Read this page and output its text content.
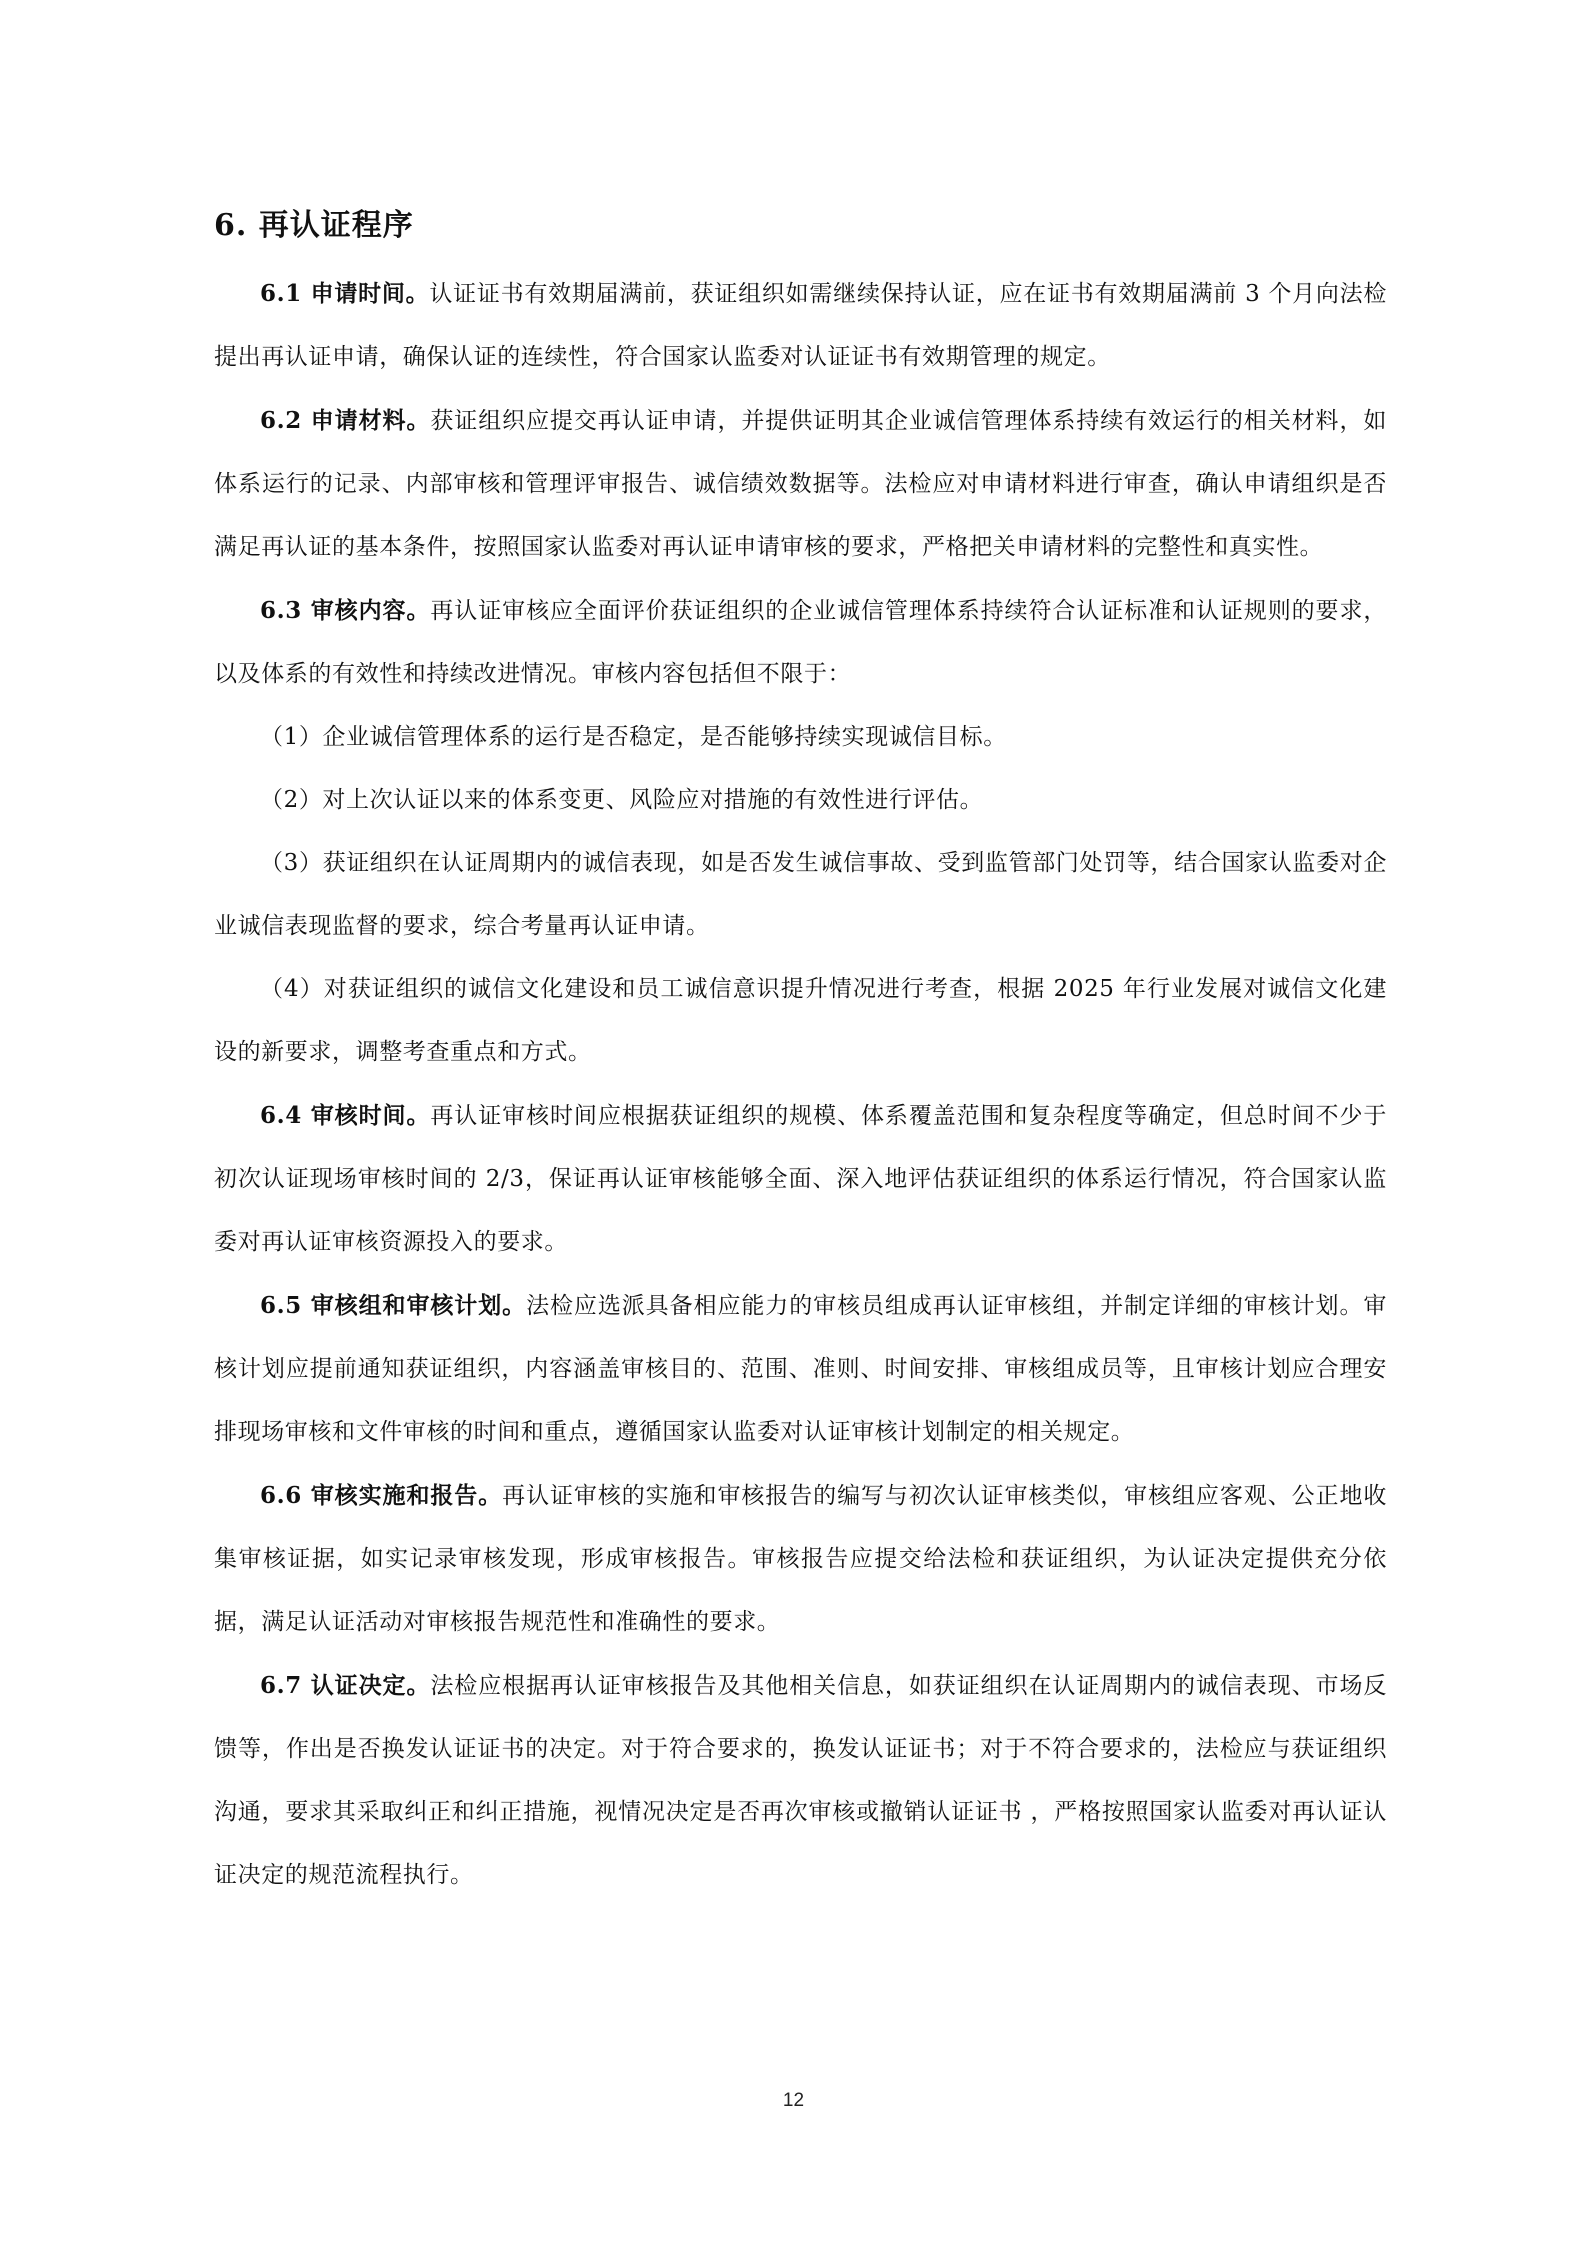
6. 再认证程序

6.1 申请时间。认证证书有效期届满前，获证组织如需继续保持认证，应在证书有效期届满前 3 个月向法检提出再认证申请，确保认证的连续性，符合国家认监委对认证证书有效期管理的规定。

6.2 申请材料。获证组织应提交再认证申请，并提供证明其企业诚信管理体系持续有效运行的相关材料，如体系运行的记录、内部审核和管理评审报告、诚信绩效数据等。法检应对申请材料进行审查，确认申请组织是否满足再认证的基本条件，按照国家认监委对再认证申请审核的要求，严格把关申请材料的完整性和真实性。

6.3 审核内容。再认证审核应全面评价获证组织的企业诚信管理体系持续符合认证标准和认证规则的要求，以及体系的有效性和持续改进情况。审核内容包括但不限于：

（1）企业诚信管理体系的运行是否稳定，是否能够持续实现诚信目标。

（2）对上次认证以来的体系变更、风险应对措施的有效性进行评估。

（3）获证组织在认证周期内的诚信表现，如是否发生诚信事故、受到监管部门处罚等，结合国家认监委对企业诚信表现监督的要求，综合考量再认证申请。

（4）对获证组织的诚信文化建设和员工诚信意识提升情况进行考查，根据 2025 年行业发展对诚信文化建设的新要求，调整考查重点和方式。

6.4 审核时间。再认证审核时间应根据获证组织的规模、体系覆盖范围和复杂程度等确定，但总时间不少于初次认证现场审核时间的 2/3，保证再认证审核能够全面、深入地评估获证组织的体系运行情况，符合国家认监委对再认证审核资源投入的要求。

6.5 审核组和审核计划。法检应选派具备相应能力的审核员组成再认证审核组，并制定详细的审核计划。审核计划应提前通知获证组织，内容涵盖审核目的、范围、准则、时间安排、审核组成员等，且审核计划应合理安排现场审核和文件审核的时间和重点，遵循国家认监委对认证审核计划制定的相关规定。

6.6 审核实施和报告。再认证审核的实施和审核报告的编写与初次认证审核类似，审核组应客观、公正地收集审核证据，如实记录审核发现，形成审核报告。审核报告应提交给法检和获证组织，为认证决定提供充分依据，满足认证活动对审核报告规范性和准确性的要求。

6.7 认证决定。法检应根据再认证审核报告及其他相关信息，如获证组织在认证周期内的诚信表现、市场反馈等，作出是否换发认证证书的决定。对于符合要求的，换发认证证书；对于不符合要求的，法检应与获证组织沟通，要求其采取纠正和纠正措施，视情况决定是否再次审核或撤销认证证书 ，严格按照国家认监委对再认证认证决定的规范流程执行。

12
